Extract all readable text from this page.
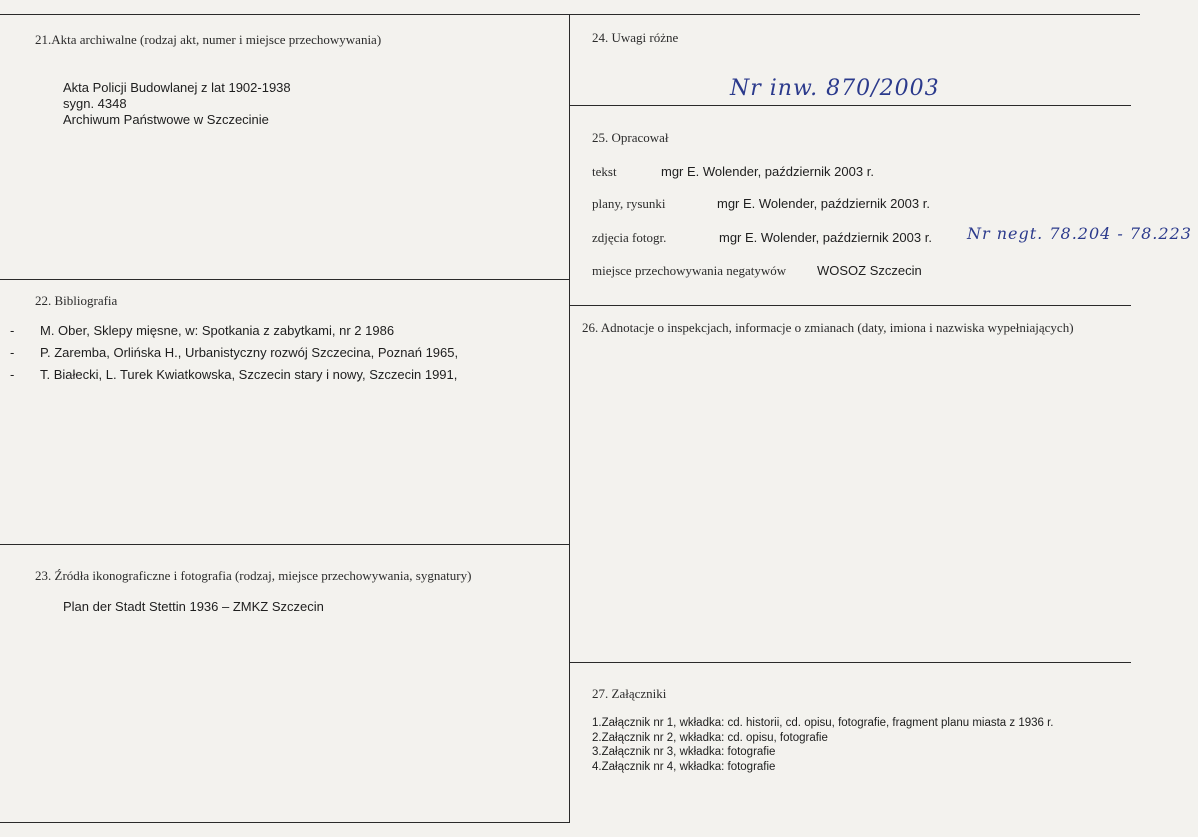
21.Akta archiwalne (rodzaj akt, numer i miejsce przechowywania)
Akta Policji Budowlanej z lat 1902-1938
sygn. 4348
Archiwum Państwowe w Szczecinie
22. Bibliografia
- M. Ober, Sklepy mięsne, w: Spotkania z zabytkami, nr 2 1986
- P. Zaremba, Orlińska H., Urbanistyczny rozwój Szczecina, Poznań 1965,
- T. Białecki, L. Turek Kwiatkowska, Szczecin stary i nowy, Szczecin 1991,
23. Źródła ikonograficzne i fotografia (rodzaj, miejsce przechowywania, sygnatury)
Plan der Stadt Stettin 1936 – ZMKZ Szczecin
24. Uwagi różne
Nr inw. 870/2003
25. Opracował
tekst	mgr E. Wolender, październik 2003 r.
plany, rysunki	mgr E. Wolender, październik 2003 r.
zdjęcia fotogr.	mgr E. Wolender, październik 2003 r. Nr negt. 78.204 - 78.223
miejsce przechowywania negatywów WOSOZ Szczecin
26. Adnotacje o inspekcjach, informacje o zmianach (daty, imiona i nazwiska wypełniających)
27. Załączniki
1.Załącznik nr 1, wkładka: cd. historii, cd. opisu, fotografie, fragment planu miasta z 1936 r.
2.Załącznik nr 2, wkładka: cd. opisu, fotografie
3.Załącznik nr 3, wkładka: fotografie
4.Załącznik nr 4, wkładka: fotografie
